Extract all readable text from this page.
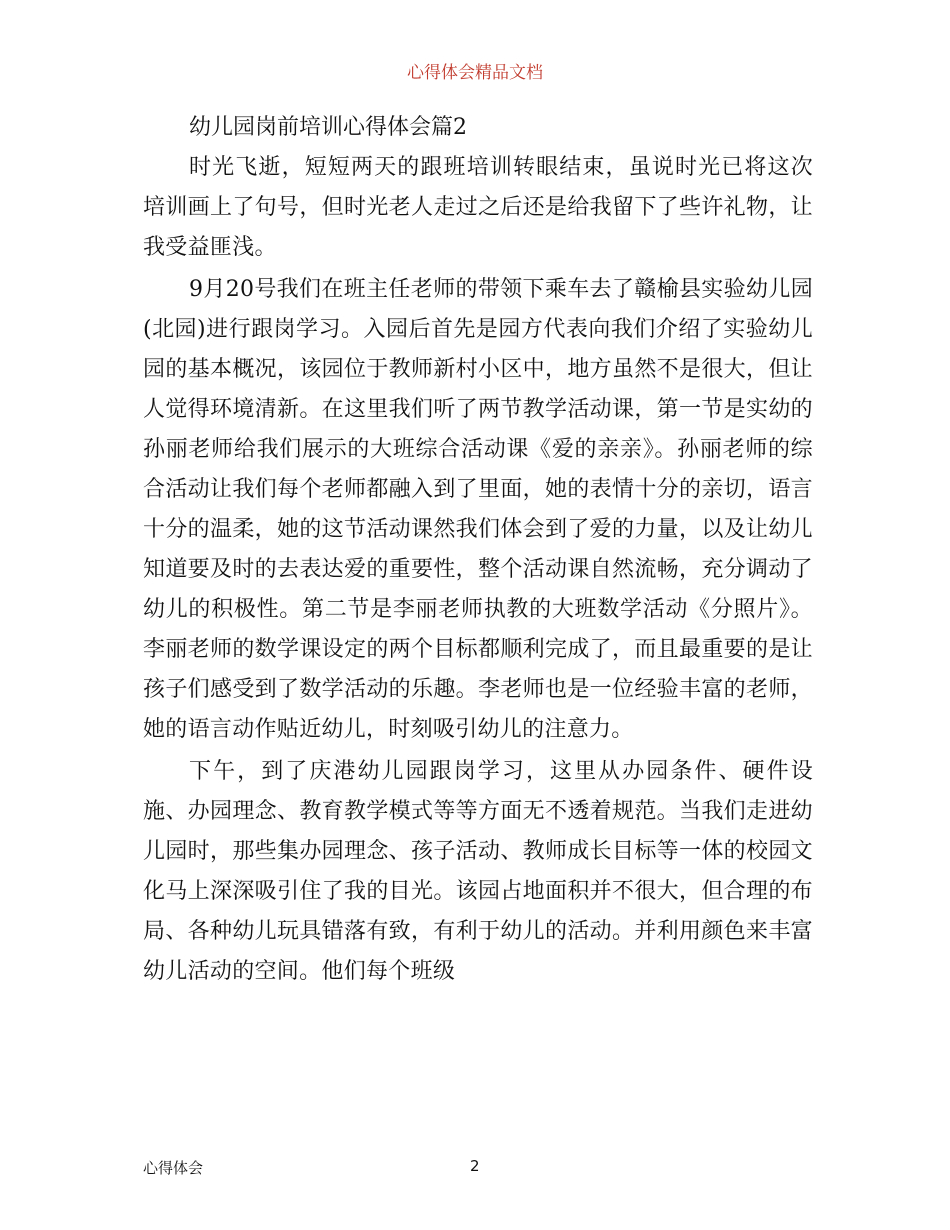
心得体会精品文档
幼儿园岗前培训心得体会篇2

时光飞逝，短短两天的跟班培训转眼结束，虽说时光已将这次培训画上了句号，但时光老人走过之后还是给我留下了些许礼物，让我受益匪浅。

9月20号我们在班主任老师的带领下乘车去了赣榆县实验幼儿园(北园)进行跟岗学习。入园后首先是园方代表向我们介绍了实验幼儿园的基本概况，该园位于教师新村小区中，地方虽然不是很大，但让人觉得环境清新。在这里我们听了两节教学活动课，第一节是实幼的孙丽老师给我们展示的大班综合活动课《爱的亲亲》。孙丽老师的综合活动让我们每个老师都融入到了里面，她的表情十分的亲切，语言十分的温柔，她的这节活动课然我们体会到了爱的力量，以及让幼儿知道要及时的去表达爱的重要性，整个活动课自然流畅，充分调动了幼儿的积极性。第二节是李丽老师执教的大班数学活动《分照片》。李丽老师的数学课设定的两个目标都顺利完成了，而且最重要的是让孩子们感受到了数学活动的乐趣。李老师也是一位经验丰富的老师，她的语言动作贴近幼儿，时刻吸引幼儿的注意力。

下午，到了庆港幼儿园跟岗学习，这里从办园条件、硬件设施、办园理念、教育教学模式等等方面无不透着规范。当我们走进幼儿园时，那些集办园理念、孩子活动、教师成长目标等一体的校园文化马上深深吸引住了我的目光。该园占地面积并不很大，但合理的布局、各种幼儿玩具错落有致，有利于幼儿的活动。并利用颜色来丰富幼儿活动的空间。他们每个班级

心得体会	2
